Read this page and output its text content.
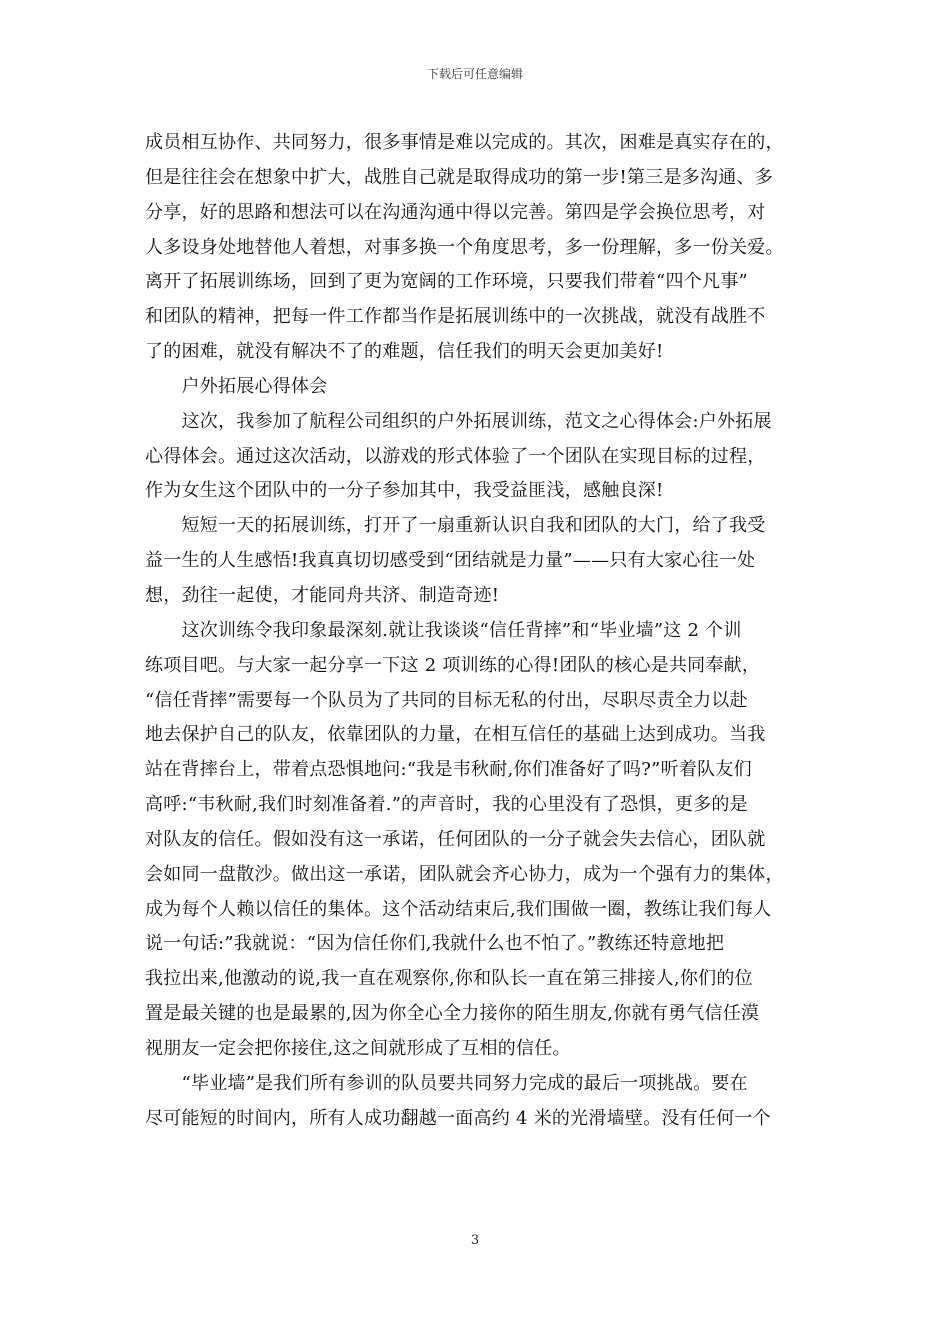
下载后可任意编辑
成员相互协作、共同努力，很多事情是难以完成的。其次，困难是真实存在的，
但是往往会在想象中扩大，战胜自己就是取得成功的第一步!第三是多沟通、多
分享，好的思路和想法可以在沟通沟通中得以完善。第四是学会换位思考，对
人多设身处地替他人着想，对事多换一个角度思考，多一份理解，多一份关爱。
离开了拓展训练场，回到了更为宽阔的工作环境，只要我们带着“四个凡事”
和团队的精神，把每一件工作都当作是拓展训练中的一次挑战，就没有战胜不
了的困难，就没有解决不了的难题，信任我们的明天会更加美好!
　　户外拓展心得体会
　　这次，我参加了航程公司组织的户外拓展训练，范文之心得体会:户外拓展
心得体会。通过这次活动，以游戏的形式体验了一个团队在实现目标的过程，
作为女生这个团队中的一分子参加其中，我受益匪浅，感触良深!
　　短短一天的拓展训练，打开了一扇重新认识自我和团队的大门，给了我受
益一生的人生感悟!我真真切切感受到“团结就是力量”——只有大家心往一处
想，劲往一起使，才能同舟共济、制造奇迹!
　　这次训练令我印象最深刻.就让我谈谈“信任背摔”和“毕业墙”这 2 个训
练项目吧。与大家一起分享一下这 2 项训练的心得!团队的核心是共同奉献，
“信任背摔”需要每一个队员为了共同的目标无私的付出，尽职尽责全力以赴
地去保护自己的队友，依靠团队的力量，在相互信任的基础上达到成功。当我
站在背摔台上，带着点恐惧地问:“我是韦秋耐,你们准备好了吗?”听着队友们
高呼:“韦秋耐,我们时刻准备着.”的声音时，我的心里没有了恐惧，更多的是
对队友的信任。假如没有这一承诺，任何团队的一分子就会失去信心，团队就
会如同一盘散沙。做出这一承诺，团队就会齐心协力，成为一个强有力的集体，
成为每个人赖以信任的集体。这个活动结束后,我们围做一圈，教练让我们每人
说一句话:”我就说：“因为信任你们,我就什么也不怕了。”教练还特意地把
我拉出来,他激动的说,我一直在观察你,你和队长一直在第三排接人,你们的位
置是最关键的也是最累的,因为你全心全力接你的陌生朋友,你就有勇气信任漠
视朋友一定会把你接住,这之间就形成了互相的信任。
　　“毕业墙”是我们所有参训的队员要共同努力完成的最后一项挑战。要在
尽可能短的时间内，所有人成功翻越一面高约 4 米的光滑墙壁。没有任何一个
3
